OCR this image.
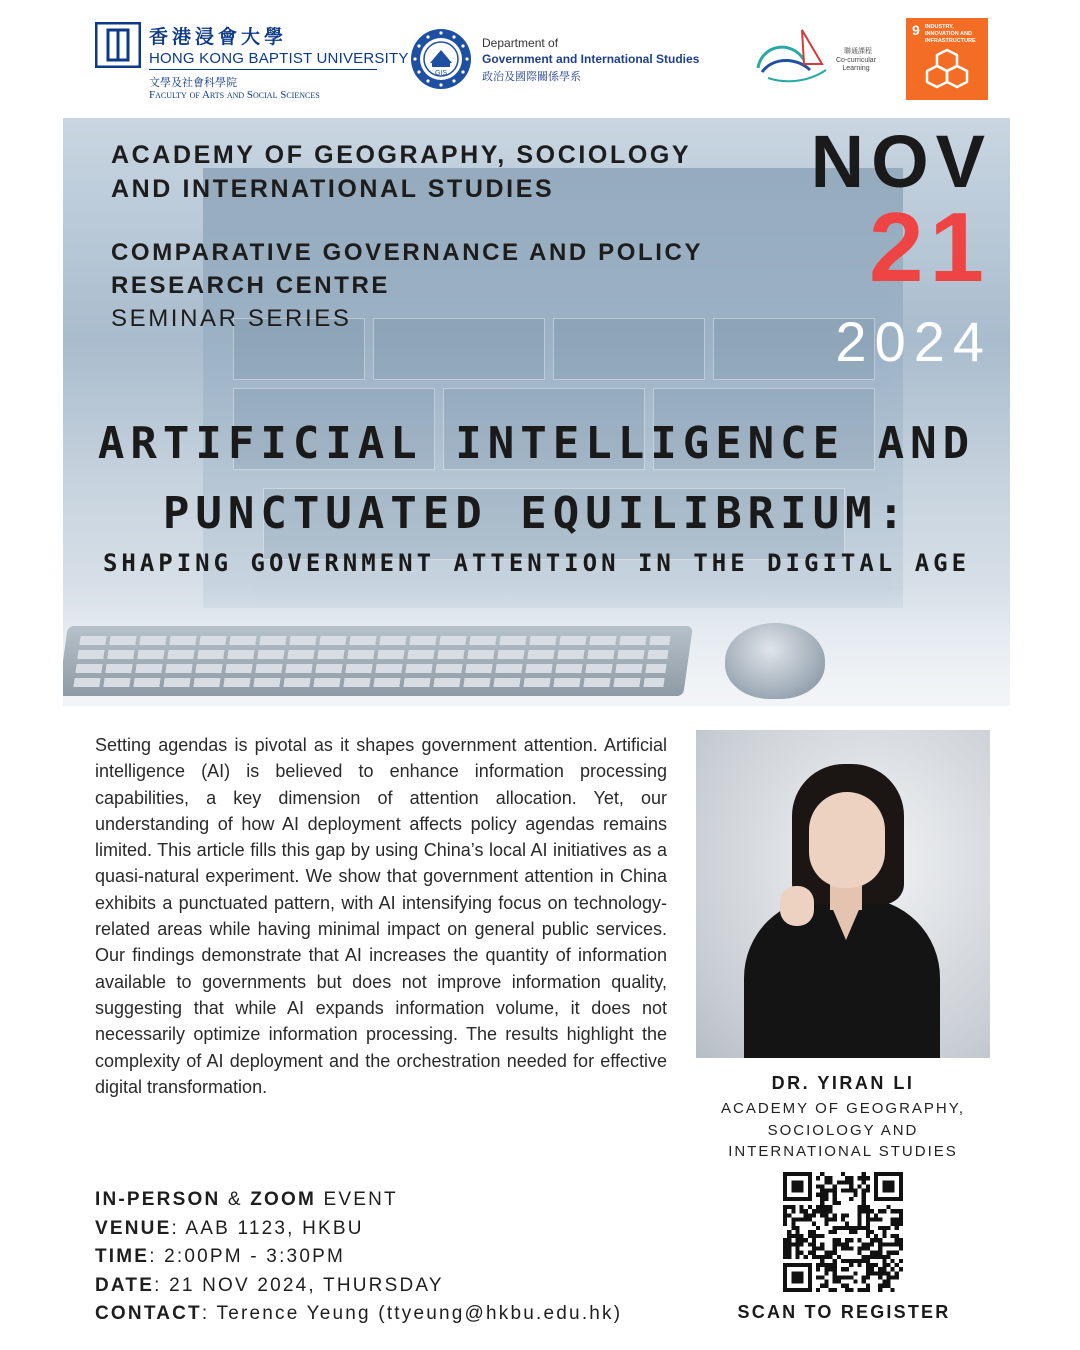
香港浸會大學
HONG KONG BAPTIST UNIVERSITY
文學及社會科學院
Faculty of Arts and Social Sciences
GIS
Department of
Government and International Studies
政治及國際關係學系
聯通課程
Co-curricular Learning
9 INDUSTRY, INNOVATION AND INFRASTRUCTURE
ACADEMY OF GEOGRAPHY, SOCIOLOGY
AND INTERNATIONAL STUDIES
COMPARATIVE GOVERNANCE AND POLICY
RESEARCH CENTRE
SEMINAR SERIES
NOV
21
2024
ARTIFICIAL INTELLIGENCE AND
PUNCTUATED EQUILIBRIUM:
SHAPING GOVERNMENT ATTENTION IN THE DIGITAL AGE
Setting agendas is pivotal as it shapes government attention. Artificial intelligence (AI) is believed to enhance information processing capabilities, a key dimension of attention allocation. Yet, our understanding of how AI deployment affects policy agendas remains limited. This article fills this gap by using China’s local AI initiatives as a quasi-natural experiment. We show that government attention in China exhibits a punctuated pattern, with AI intensifying focus on technology-related areas while having minimal impact on general public services. Our findings demonstrate that AI increases the quantity of information available to governments but does not improve information quality, suggesting that while AI expands information volume, it does not necessarily optimize information processing. The results highlight the complexity of AI deployment and the orchestration needed for effective digital transformation.	DR. YIRAN LI
ACADEMY OF GEOGRAPHY,
SOCIOLOGY AND
INTERNATIONAL STUDIES
SCAN TO REGISTER
IN-PERSON & ZOOM EVENT
VENUE: AAB 1123, HKBU
TIME: 2:00PM - 3:30PM
DATE: 21 NOV 2024, THURSDAY
CONTACT: Terence Yeung (ttyeung@hkbu.edu.hk)
